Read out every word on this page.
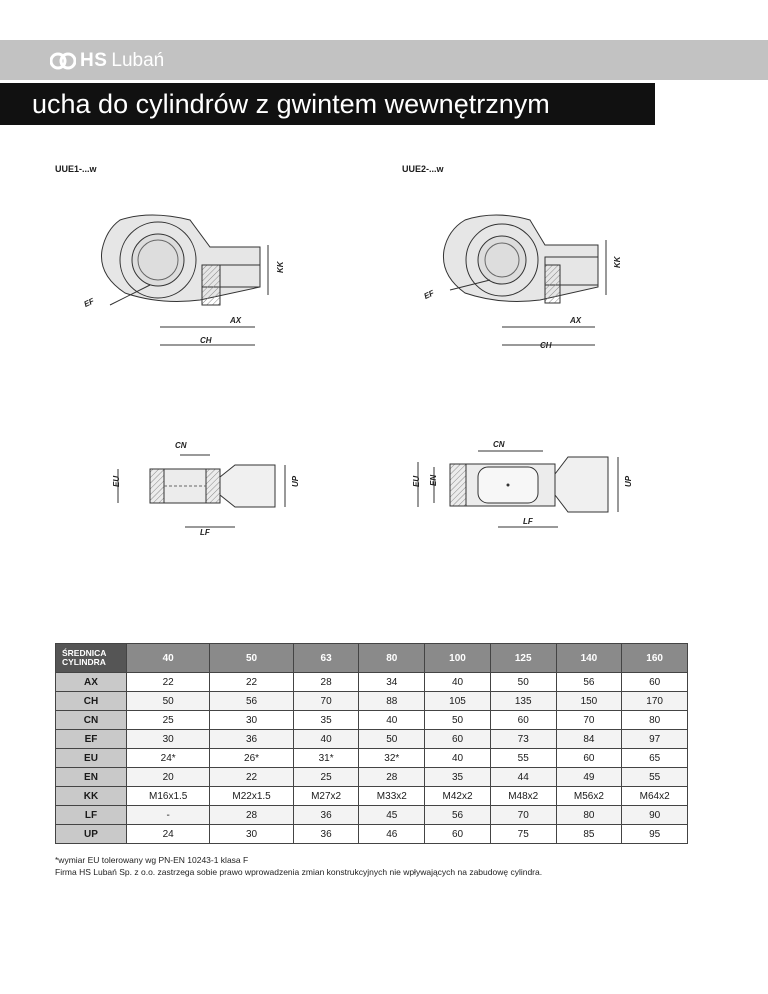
HS Lubań
ucha do cylindrów z gwintem wewnętrznym
UUE1-...w	UUE2-...w
EF
AX
CH
KK
EF
AX
CH
KK
CN
EU	UP
LF
CN
EU EN	UP
LF
ŚREDNICA
CYLINDRA	40	50	63	80	100	125	140	160
AX	22	22	28	34	40	50	56	60
CH	50	56	70	88	105	135	150	170
CN	25	30	35	40	50	60	70	80
EF	30	36	40	50	60	73	84	97
EU	24*	26*	31*	32*	40	55	60	65
EN	20	22	25	28	35	44	49	55
KK	M16x1.5	M22x1.5	M27x2	M33x2	M42x2	M48x2	M56x2	M64x2
LF	-	28	36	45	56	70	80	90
UP	24	30	36	46	60	75	85	95
*wymiar EU tolerowany wg PN-EN 10243-1 klasa F
Firma HS Lubań Sp. z o.o. zastrzega sobie prawo wprowadzenia zmian konstrukcyjnych nie wpływających na zabudowę cylindra.
